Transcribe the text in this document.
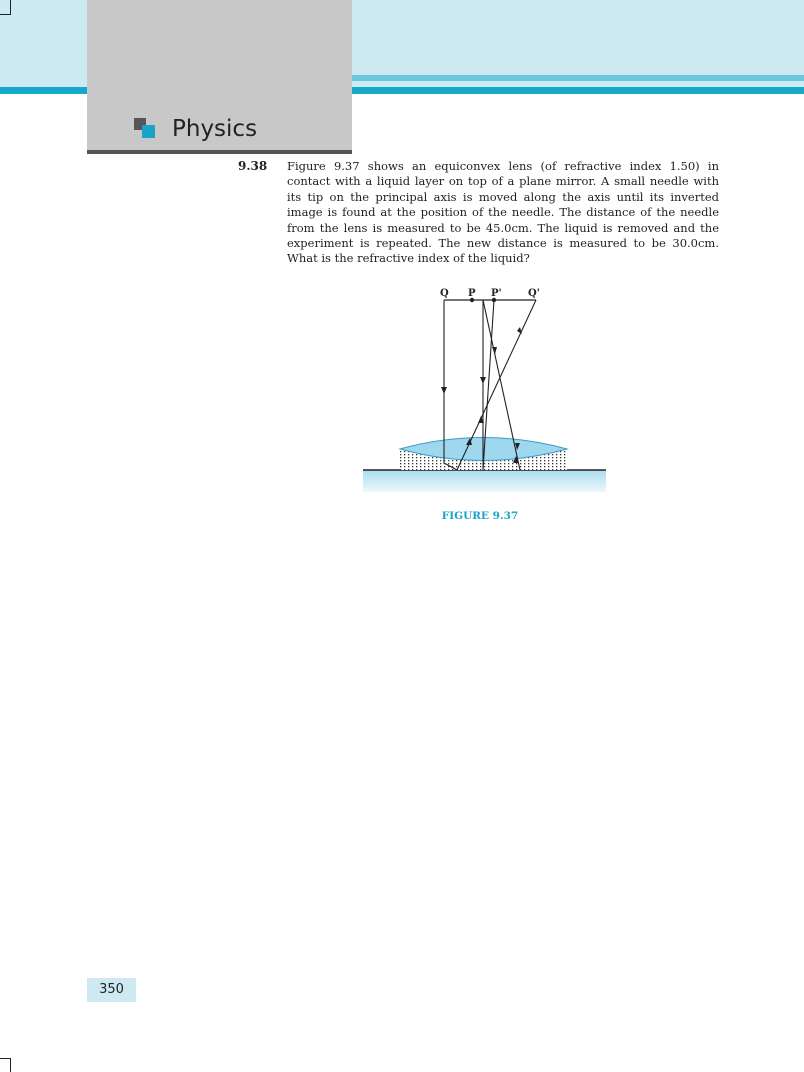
Physics
9.38 Figure 9.37 shows an equiconvex lens (of refractive index 1.50) in contact with a liquid layer on top of a plane mirror. A small needle with its tip on the principal axis is moved along the axis until its inverted image is found at the position of the needle. The distance of the needle from the lens is measured to be 45.0cm. The liquid is removed and the experiment is repeated. The new distance is measured to be 30.0cm. What is the refractive index of the liquid?

Q P P'	Q'
FIGURE 9.37
350
